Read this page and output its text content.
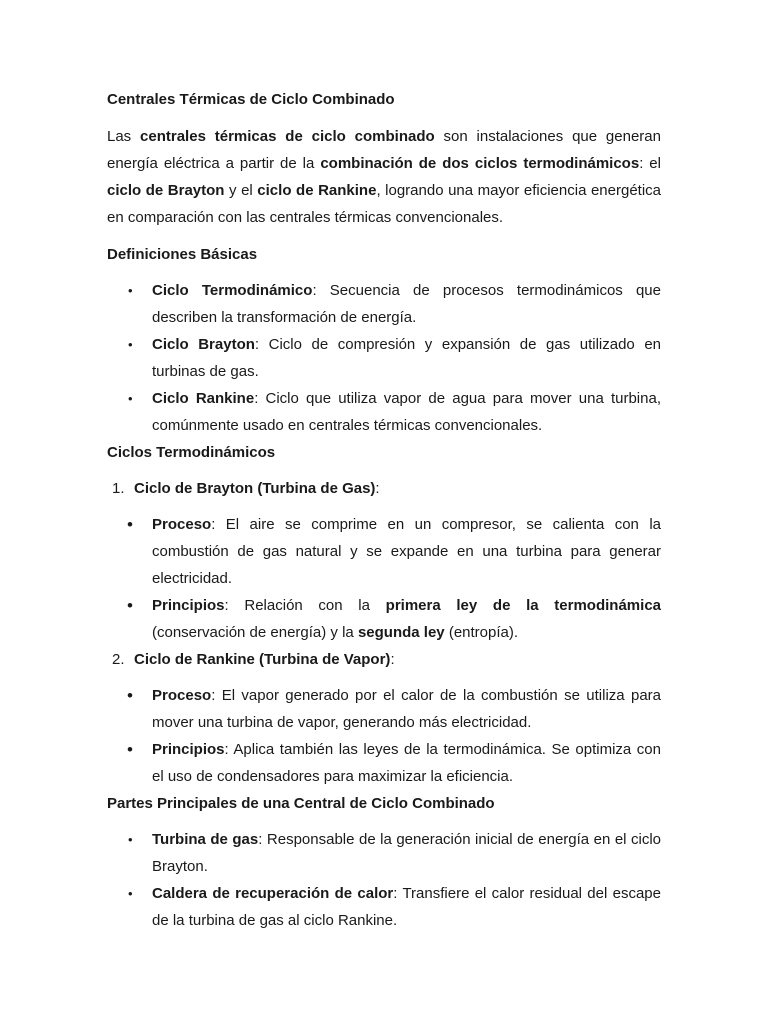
Centrales Térmicas de Ciclo Combinado

Las centrales térmicas de ciclo combinado son instalaciones que generan energía eléctrica a partir de la combinación de dos ciclos termodinámicos: el ciclo de Brayton y el ciclo de Rankine, logrando una mayor eficiencia energética en comparación con las centrales térmicas convencionales.

Definiciones Básicas
• Ciclo Termodinámico: Secuencia de procesos termodinámicos que describen la transformación de energía.
• Ciclo Brayton: Ciclo de compresión y expansión de gas utilizado en turbinas de gas.
• Ciclo Rankine: Ciclo que utiliza vapor de agua para mover una turbina, comúnmente usado en centrales térmicas convencionales.
Ciclos Termodinámicos
1. Ciclo de Brayton (Turbina de Gas):
• Proceso: El aire se comprime en un compresor, se calienta con la combustión de gas natural y se expande en una turbina para generar electricidad.
• Principios: Relación con la primera ley de la termodinámica (conservación de energía) y la segunda ley (entropía).
2. Ciclo de Rankine (Turbina de Vapor):
• Proceso: El vapor generado por el calor de la combustión se utiliza para mover una turbina de vapor, generando más electricidad.
• Principios: Aplica también las leyes de la termodinámica. Se optimiza con el uso de condensadores para maximizar la eficiencia.
Partes Principales de una Central de Ciclo Combinado
• Turbina de gas: Responsable de la generación inicial de energía en el ciclo Brayton.
• Caldera de recuperación de calor: Transfiere el calor residual del escape de la turbina de gas al ciclo Rankine.
